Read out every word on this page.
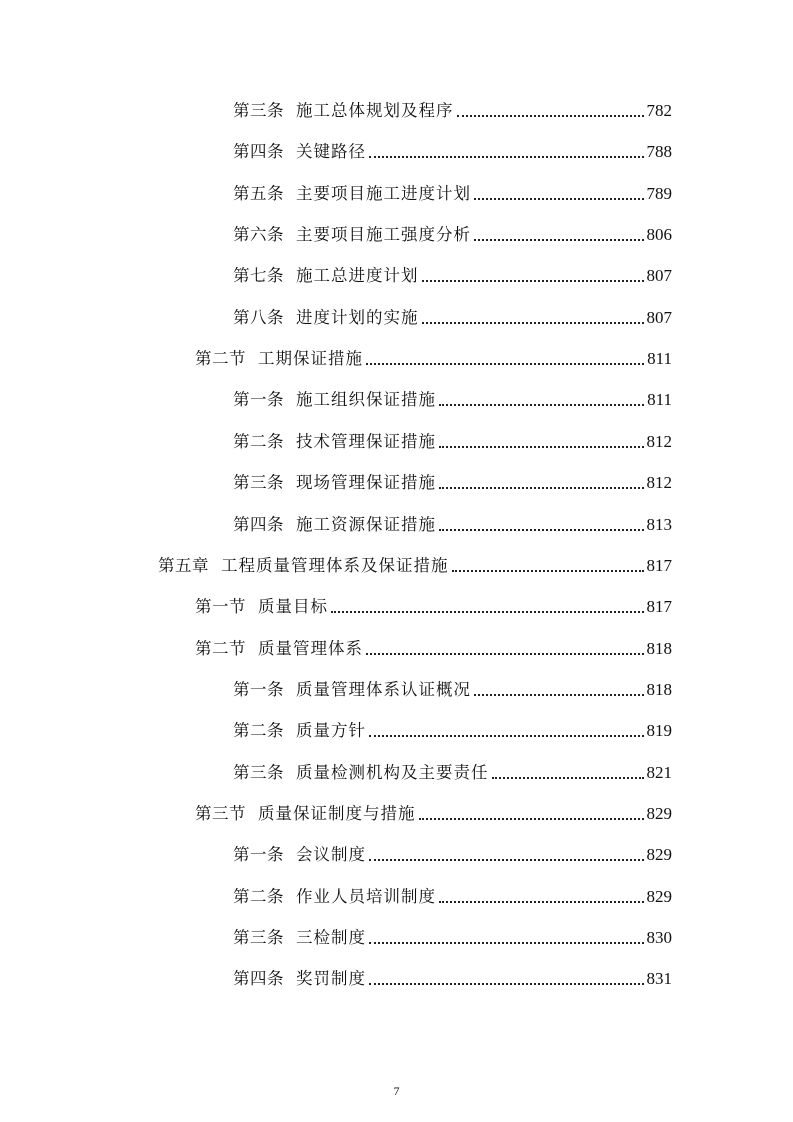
第三条 施工总体规划及程序	782
第四条 关键路径	788
第五条 主要项目施工进度计划	789
第六条 主要项目施工强度分析	806
第七条 施工总进度计划	807
第八条 进度计划的实施	807
第二节 工期保证措施	811
第一条 施工组织保证措施	811
第二条 技术管理保证措施	812
第三条 现场管理保证措施	812
第四条 施工资源保证措施	813
第五章 工程质量管理体系及保证措施	817
第一节 质量目标	817
第二节 质量管理体系	818
第一条 质量管理体系认证概况	818
第二条 质量方针	819
第三条 质量检测机构及主要责任	821
第三节 质量保证制度与措施	829
第一条 会议制度	829
第二条 作业人员培训制度	829
第三条 三检制度	830
第四条 奖罚制度	831
7
